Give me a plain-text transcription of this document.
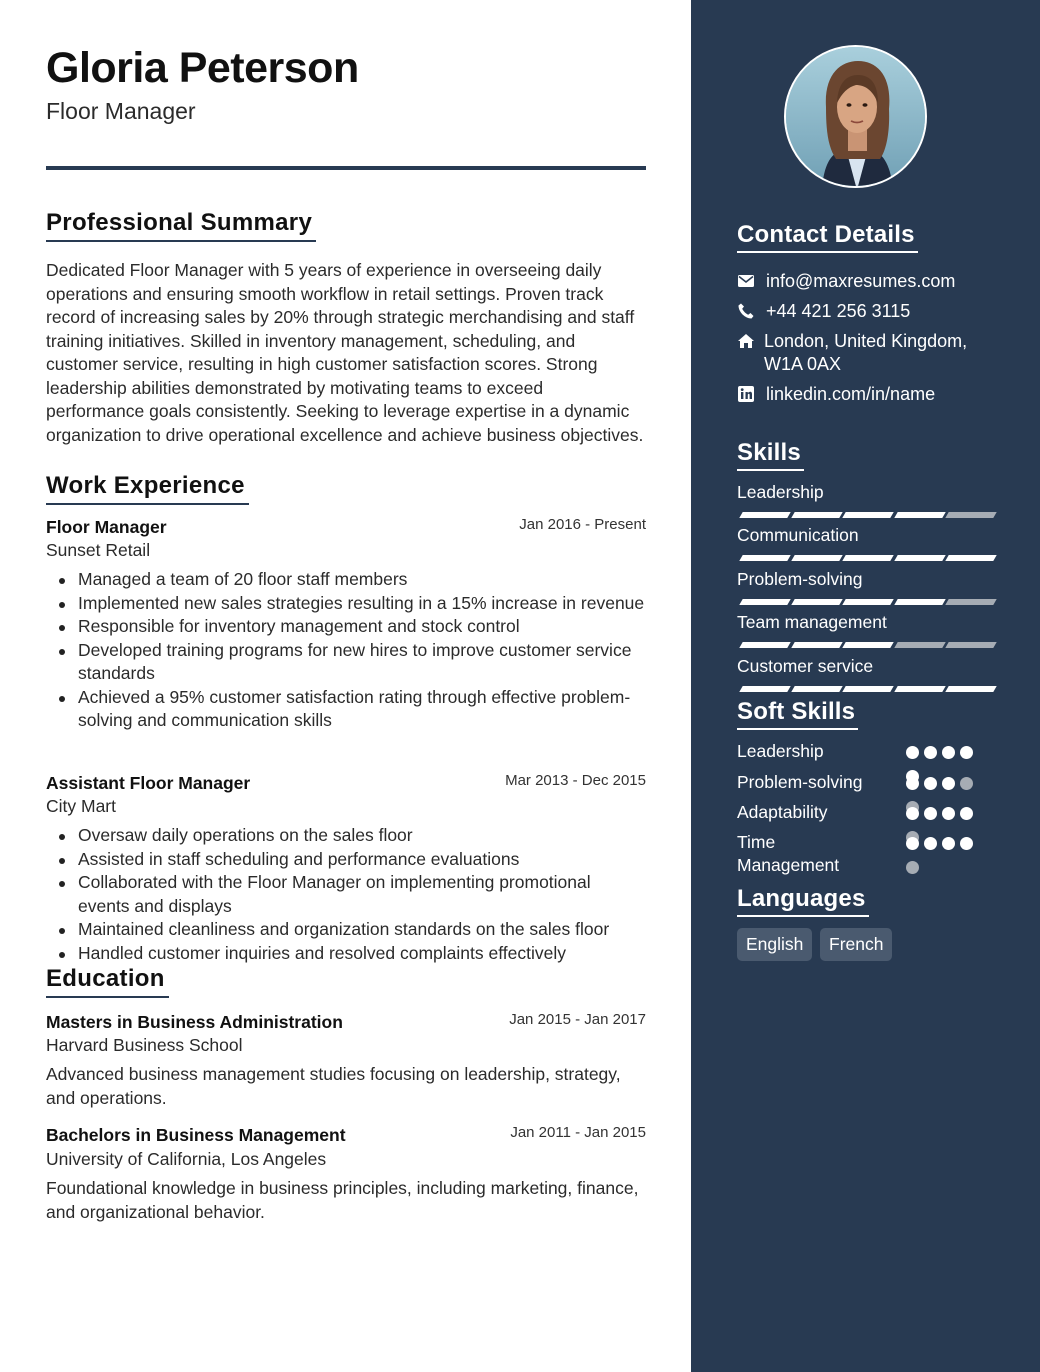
Gloria Peterson
Floor Manager
Professional Summary
Dedicated Floor Manager with 5 years of experience in overseeing daily operations and ensuring smooth workflow in retail settings. Proven track record of increasing sales by 20% through strategic merchandising and staff training initiatives. Skilled in inventory management, scheduling, and customer service, resulting in high customer satisfaction scores. Strong leadership abilities demonstrated by motivating teams to exceed performance goals consistently. Seeking to leverage expertise in a dynamic organization to drive operational excellence and achieve business objectives.
Work Experience
Floor Manager	Jan 2016 - Present
Sunset Retail
Managed a team of 20 floor staff members
Implemented new sales strategies resulting in a 15% increase in revenue
Responsible for inventory management and stock control
Developed training programs for new hires to improve customer service standards
Achieved a 95% customer satisfaction rating through effective problem-solving and communication skills
Assistant Floor Manager	Mar 2013 - Dec 2015
City Mart
Oversaw daily operations on the sales floor
Assisted in staff scheduling and performance evaluations
Collaborated with the Floor Manager on implementing promotional events and displays
Maintained cleanliness and organization standards on the sales floor
Handled customer inquiries and resolved complaints effectively
Education
Masters in Business Administration	Jan 2015 - Jan 2017
Harvard Business School
Advanced business management studies focusing on leadership, strategy, and operations.
Bachelors in Business Management	Jan 2011 - Jan 2015
University of California, Los Angeles
Foundational knowledge in business principles, including marketing, finance, and organizational behavior.
Contact Details
info@maxresumes.com
+44 421 256 3115
London, United Kingdom, W1A 0AX
linkedin.com/in/name
Skills
Leadership
Communication
Problem-solving
Team management
Customer service
Soft Skills
Leadership
Problem-solving
Adaptability
Time Management
Languages
English	French
